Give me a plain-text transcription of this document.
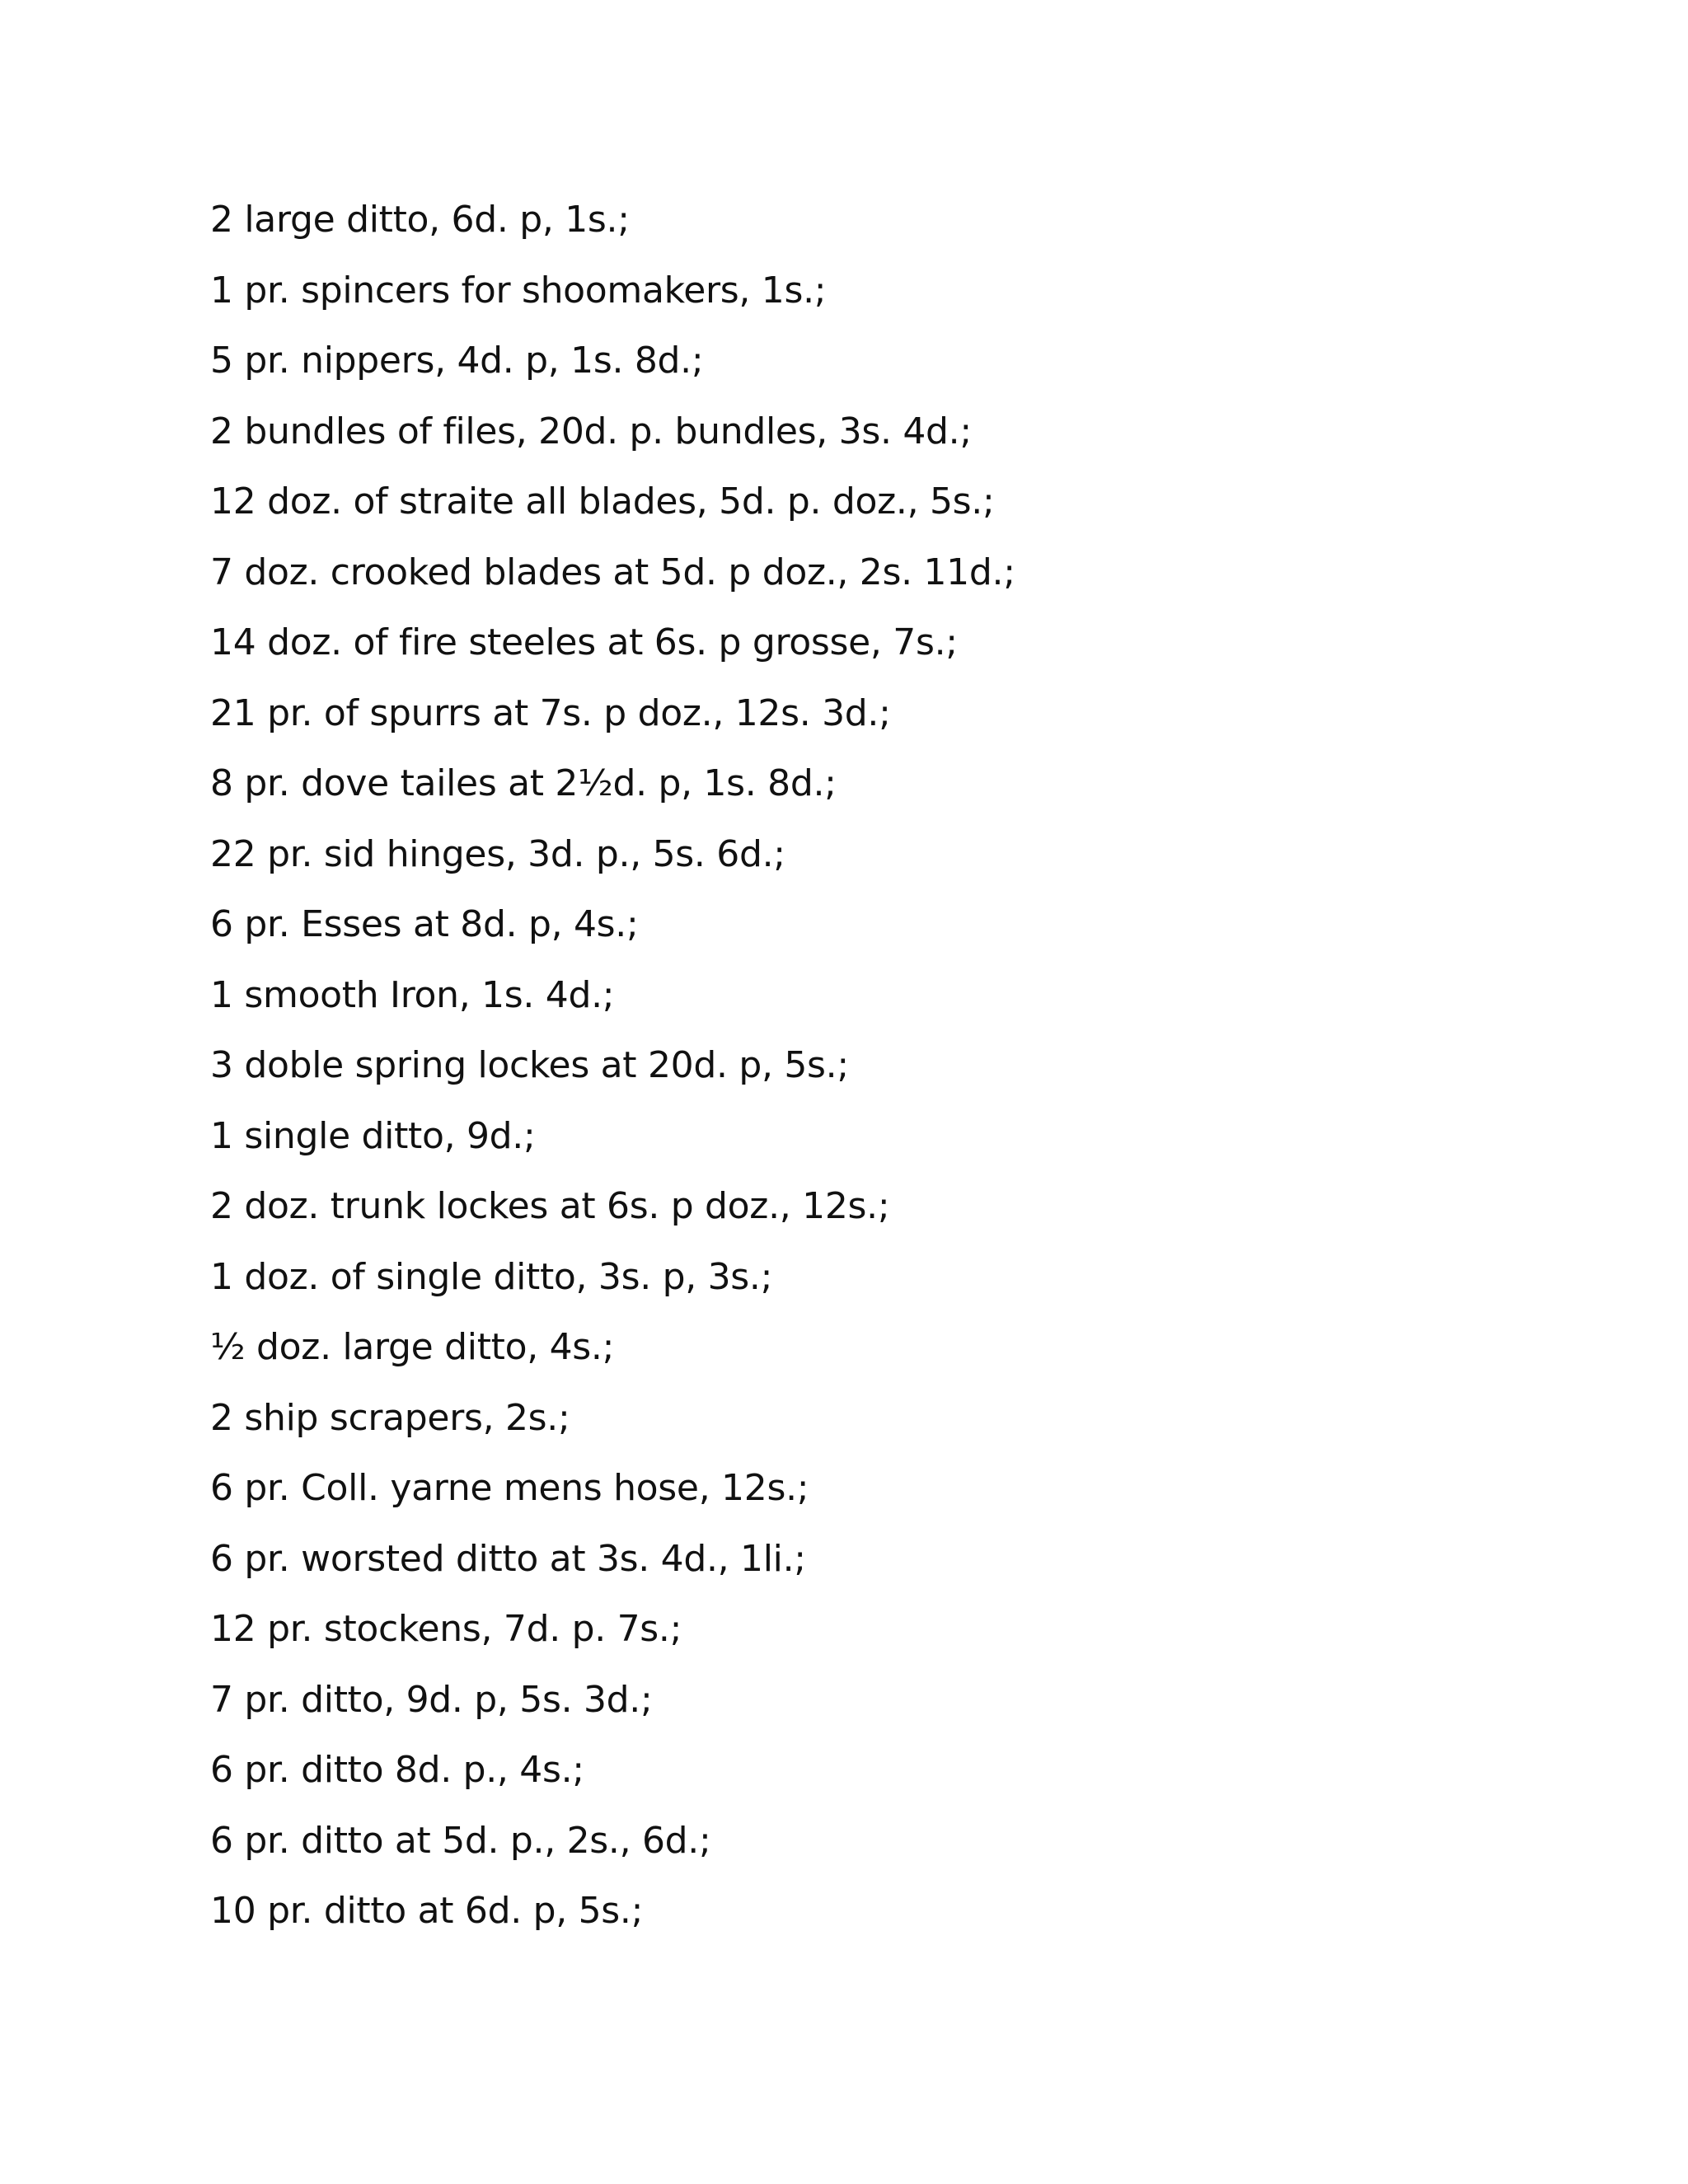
2 large ditto, 6d. p, 1s.;
1 pr. spincers for shoomakers, 1s.;
5 pr. nippers, 4d. p, 1s. 8d.;
2 bundles of files, 20d. p. bundles, 3s. 4d.;
12 doz. of straite all blades, 5d. p. doz., 5s.;
7 doz. crooked blades at 5d. p doz., 2s. 11d.;
14 doz. of fire steeles at 6s. p grosse, 7s.;
21 pr. of spurrs at 7s. p doz., 12s. 3d.;
8 pr. dove tailes at 2½d. p, 1s. 8d.;
22 pr. sid hinges, 3d. p., 5s. 6d.;
6 pr. Esses at 8d. p, 4s.;
1 smooth Iron, 1s. 4d.;
3 doble spring lockes at 20d. p, 5s.;
1 single ditto, 9d.;
2 doz. trunk lockes at 6s. p doz., 12s.;
1 doz. of single ditto, 3s. p, 3s.;
½ doz. large ditto, 4s.;
2 ship scrapers, 2s.;
6 pr. Coll. yarne mens hose, 12s.;
6 pr. worsted ditto at 3s. 4d., 1li.;
12 pr. stockens, 7d. p. 7s.;
7 pr. ditto, 9d. p, 5s. 3d.;
6 pr. ditto 8d. p., 4s.;
6 pr. ditto at 5d. p., 2s., 6d.;
10 pr. ditto at 6d. p, 5s.;
